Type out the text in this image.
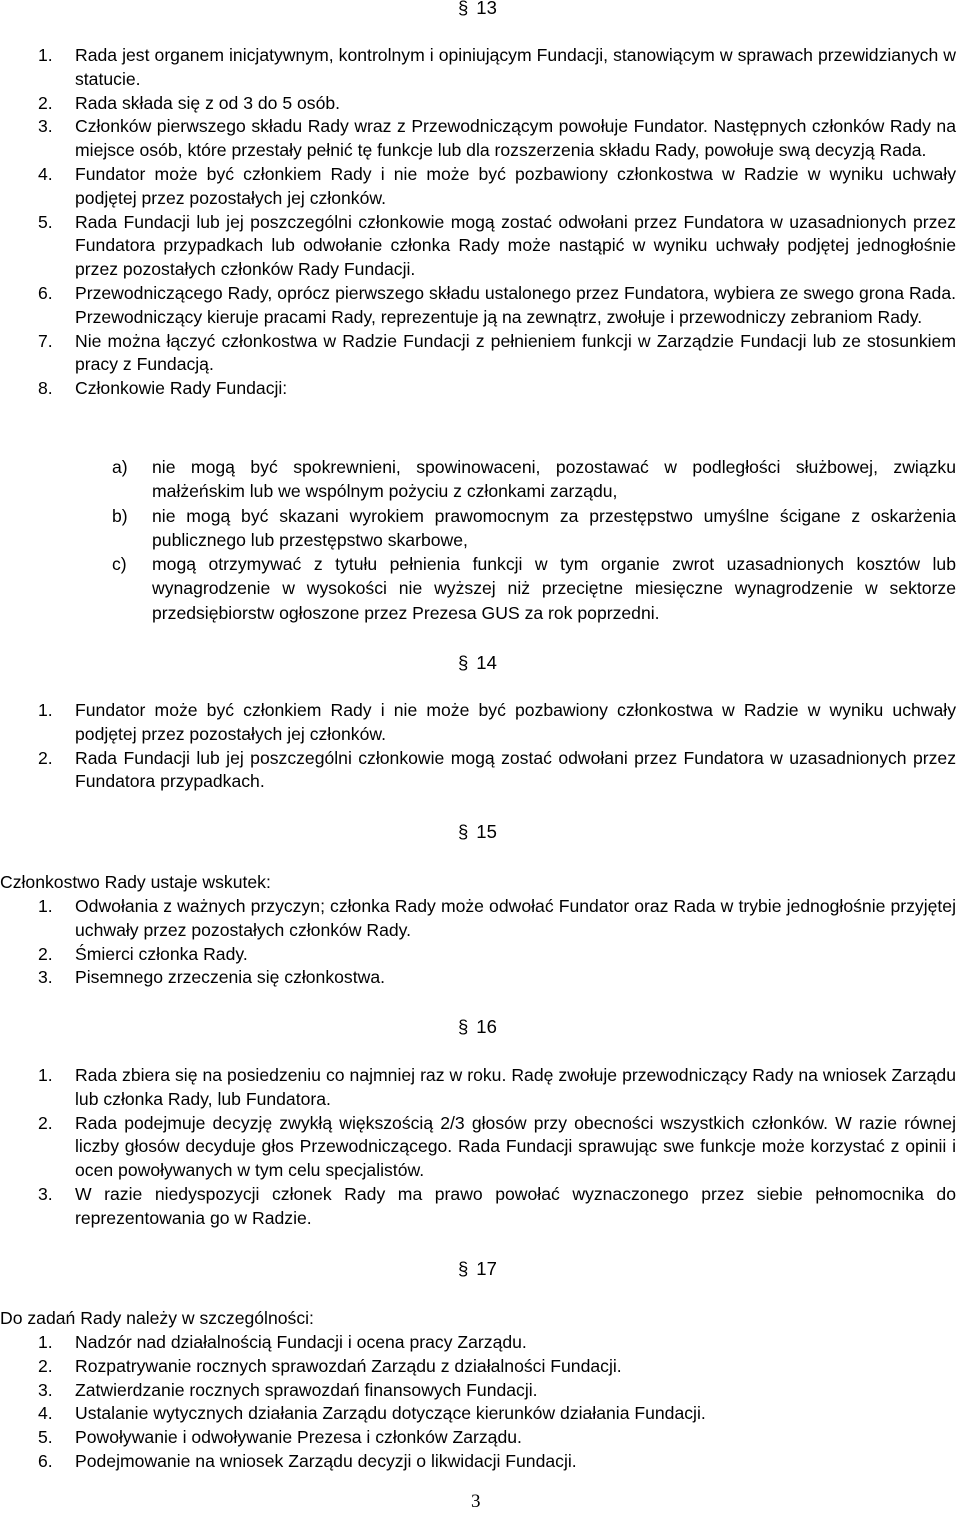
§ 13
1. Rada jest organem inicjatywnym, kontrolnym i opiniującym Fundacji, stanowiącym w sprawach przewidzianych w statucie.
2. Rada składa się z od 3 do 5 osób.
3. Członków pierwszego składu Rady wraz z Przewodniczącym powołuje Fundator. Następnych członków Rady na miejsce osób, które przestały pełnić tę funkcje lub dla rozszerzenia składu Rady, powołuje swą decyzją Rada.
4. Fundator może być członkiem Rady i nie może być pozbawiony członkostwa w Radzie w wyniku uchwały podjętej przez pozostałych jej członków.
5. Rada Fundacji lub jej poszczególni członkowie mogą zostać odwołani przez Fundatora w uzasadnionych przez Fundatora przypadkach lub odwołanie członka Rady może nastąpić w wyniku uchwały podjętej jednogłośnie przez pozostałych członków Rady Fundacji.
6. Przewodniczącego Rady, oprócz pierwszego składu ustalonego przez Fundatora, wybiera ze swego grona Rada. Przewodniczący kieruje pracami Rady, reprezentuje ją na zewnątrz, zwołuje i przewodniczy zebraniom Rady.
7. Nie można łączyć członkostwa w Radzie Fundacji z pełnieniem funkcji w Zarządzie Fundacji lub ze stosunkiem pracy z Fundacją.
8. Członkowie Rady Fundacji:
a) nie mogą być spokrewnieni, spowinowaceni, pozostawać w podległości służbowej, związku małżeńskim lub we wspólnym pożyciu z członkami zarządu,
b) nie mogą być skazani wyrokiem prawomocnym za przestępstwo umyślne ścigane z oskarżenia publicznego lub przestępstwo skarbowe,
c) mogą otrzymywać z tytułu pełnienia funkcji w tym organie zwrot uzasadnionych kosztów lub wynagrodzenie w wysokości nie wyższej niż przeciętne miesięczne wynagrodzenie w sektorze przedsiębiorstw ogłoszone przez Prezesa GUS za rok poprzedni.
§ 14
1. Fundator może być członkiem Rady i nie może być pozbawiony członkostwa w Radzie w wyniku uchwały podjętej przez pozostałych jej członków.
2. Rada Fundacji lub jej poszczególni członkowie mogą zostać odwołani przez Fundatora w uzasadnionych przez Fundatora przypadkach.
§ 15
Członkostwo Rady ustaje wskutek:
1. Odwołania z ważnych przyczyn; członka Rady może odwołać Fundator oraz Rada w trybie jednogłośnie przyjętej uchwały przez pozostałych członków Rady.
2. Śmierci członka Rady.
3. Pisemnego zrzeczenia się członkostwa.
§ 16
1. Rada zbiera się na posiedzeniu co najmniej raz w roku. Radę zwołuje przewodniczący Rady na wniosek Zarządu lub członka Rady, lub Fundatora.
2. Rada podejmuje decyzję zwykłą większością 2/3 głosów przy obecności wszystkich członków. W razie równej liczby głosów decyduje głos Przewodniczącego. Rada Fundacji sprawując swe funkcje może korzystać z opinii i ocen powoływanych w tym celu specjalistów.
3. W razie niedyspozycji członek Rady ma prawo powołać wyznaczonego przez siebie pełnomocnika do reprezentowania go w Radzie.
§ 17
Do zadań Rady należy w szczególności:
1. Nadzór nad działalnością Fundacji i ocena pracy Zarządu.
2. Rozpatrywanie rocznych sprawozdań Zarządu z działalności Fundacji.
3. Zatwierdzanie rocznych sprawozdań finansowych Fundacji.
4. Ustalanie wytycznych działania Zarządu dotyczące kierunków działania Fundacji.
5. Powoływanie i odwoływanie Prezesa i członków Zarządu.
6. Podejmowanie na wniosek Zarządu decyzji o likwidacji Fundacji.
3
